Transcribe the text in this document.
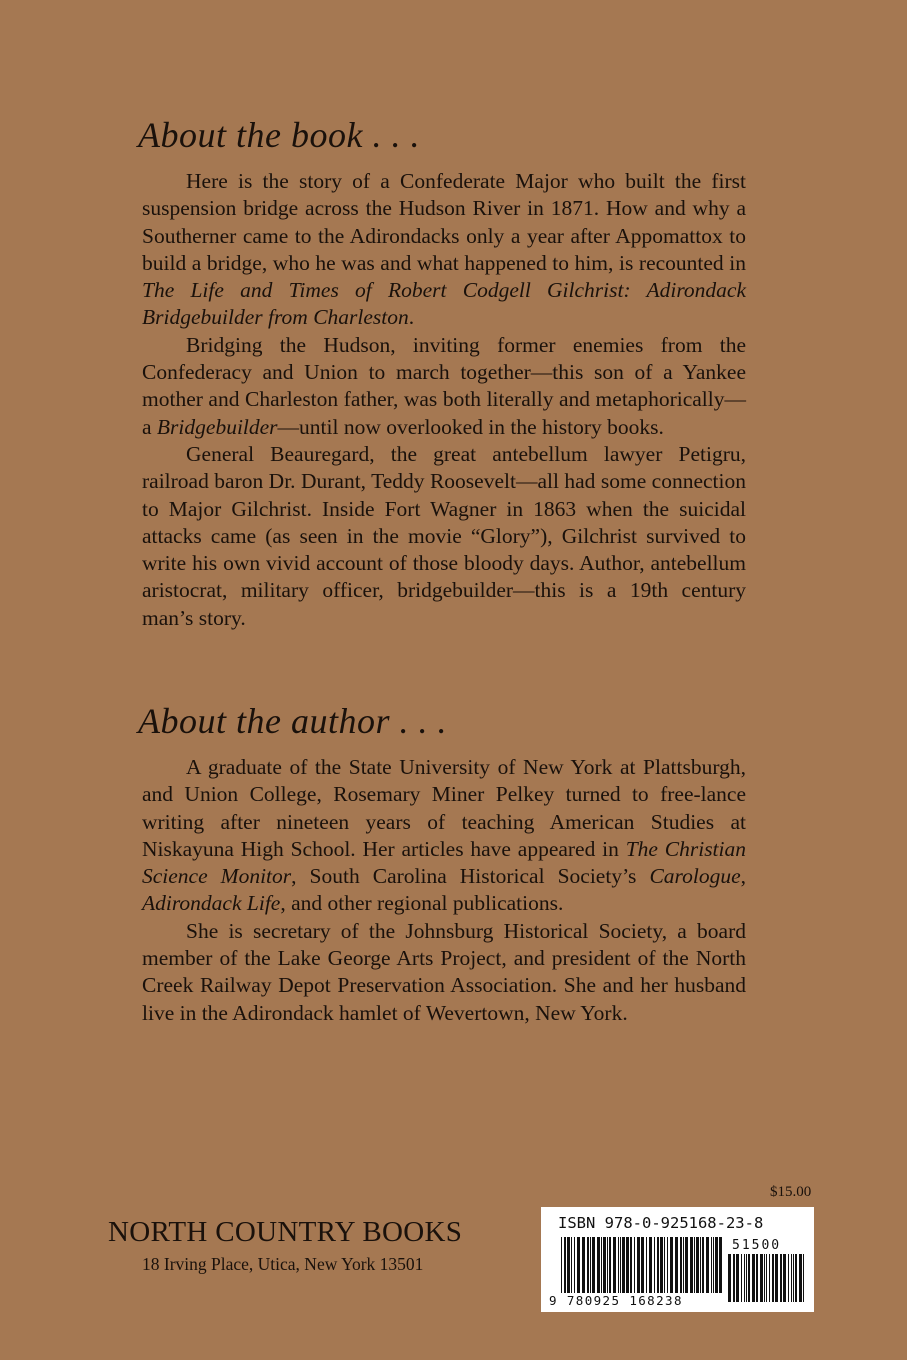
About the book . . .

Here is the story of a Confederate Major who built the first suspension bridge across the Hudson River in 1871. How and why a Southerner came to the Adirondacks only a year after Appomattox to build a bridge, who he was and what happened to him, is recounted in The Life and Times of Robert Codgell Gilchrist: Adirondack Bridgebuilder from Charleston.

Bridging the Hudson, inviting former enemies from the Confederacy and Union to march together—this son of a Yankee mother and Charleston father, was both literally and metaphorically—a Bridgebuilder—until now overlooked in the history books.

General Beauregard, the great antebellum lawyer Petigru, railroad baron Dr. Durant, Teddy Roosevelt—all had some connection to Major Gilchrist. Inside Fort Wagner in 1863 when the suicidal attacks came (as seen in the movie “Glory”), Gilchrist survived to write his own vivid account of those bloody days. Author, antebellum aristocrat, military officer, bridgebuilder—this is a 19th century man’s story.

About the author . . .

A graduate of the State University of New York at Plattsburgh, and Union College, Rosemary Miner Pelkey turned to free-lance writing after nineteen years of teaching American Studies at Niskayuna High School. Her articles have appeared in The Christian Science Monitor, South Carolina Historical Society’s Carologue, Adirondack Life, and other regional publications.

She is secretary of the Johnsburg Historical Society, a board member of the Lake George Arts Project, and president of the North Creek Railway Depot Preservation Association. She and her husband live in the Adirondack hamlet of Wevertown, New York.

$15.00
NORTH COUNTRY BOOKS
18 Irving Place, Utica, New York 13501
ISBN 978-0-925168-23-8
51500
9 780925 168238
